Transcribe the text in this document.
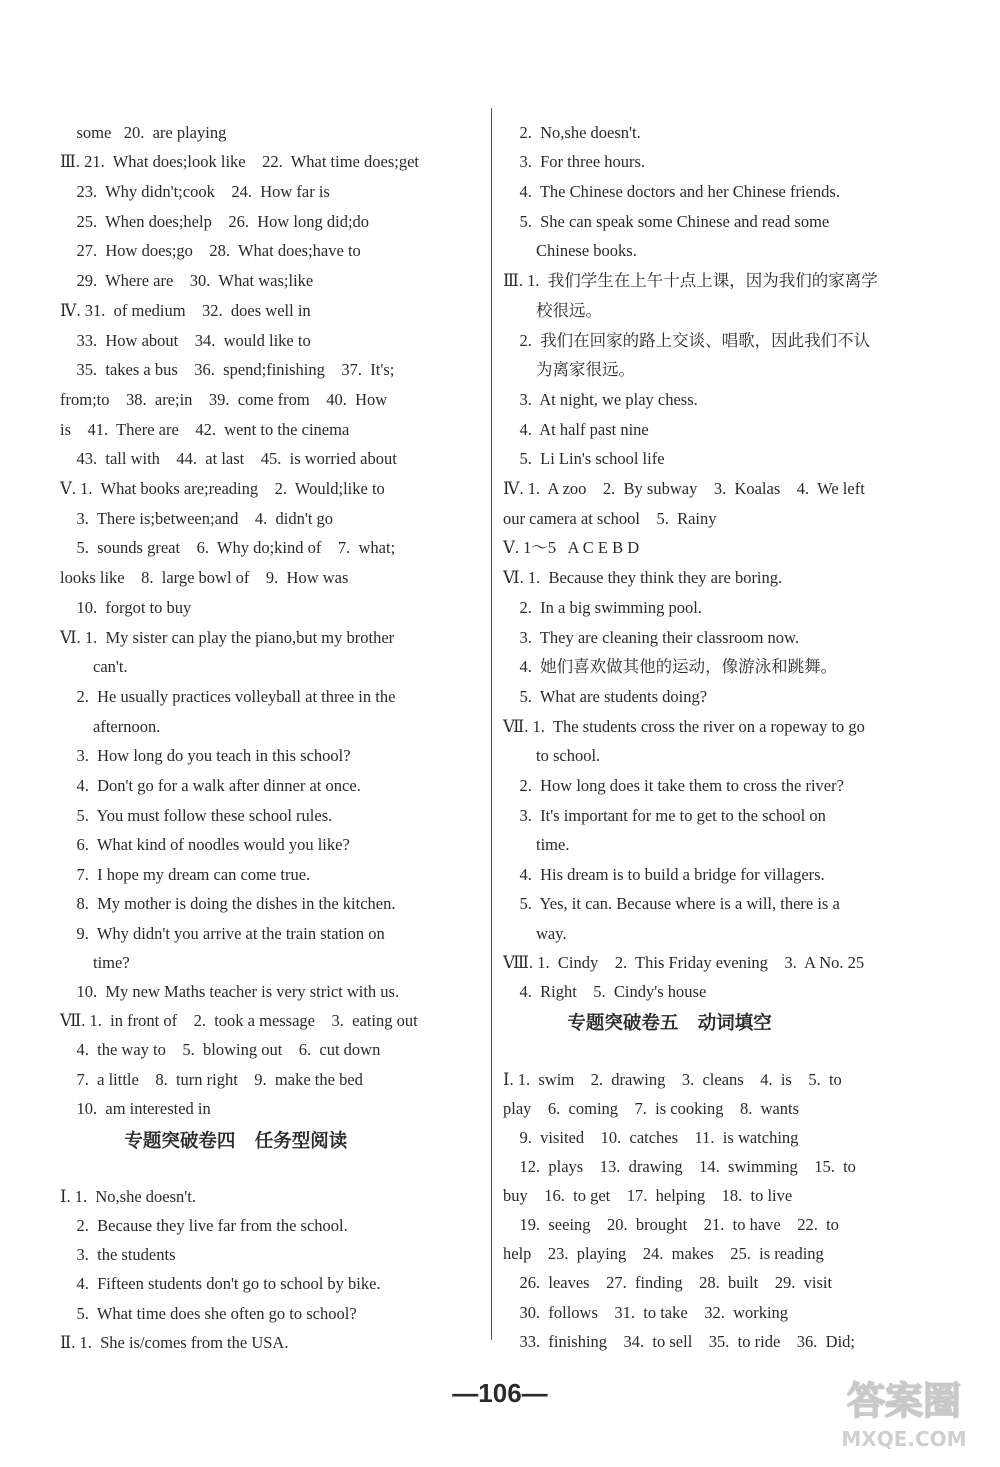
some   20.  are playing
Ⅲ. 21.  What does;look like    22.  What time does;get
23.  Why didn't;cook    24.  How far is
25.  When does;help    26.  How long did;do
27.  How does;go    28.  What does;have to
29.  Where are    30.  What was;like
Ⅳ. 31.  of medium    32.  does well in
33.  How about    34.  would like to
35.  takes a bus    36.  spend;finishing    37.  It's;
from;to    38.  are;in    39.  come from    40.  How
is    41.  There are    42.  went to the cinema
43.  tall with    44.  at last    45.  is worried about
Ⅴ. 1.  What books are;reading    2.  Would;like to
3.  There is;between;and    4.  didn't go
5.  sounds great    6.  Why do;kind of    7.  what;
looks like    8.  large bowl of    9.  How was
10.  forgot to buy
Ⅵ. 1.  My sister can play the piano,but my brother
can't.
2.  He usually practices volleyball at three in the
afternoon.
3.  How long do you teach in this school?
4.  Don't go for a walk after dinner at once.
5.  You must follow these school rules.
6.  What kind of noodles would you like?
7.  I hope my dream can come true.
8.  My mother is doing the dishes in the kitchen.
9.  Why didn't you arrive at the train station on
time?
10.  My new Maths teacher is very strict with us.
Ⅶ. 1.  in front of    2.  took a message    3.  eating out
4.  the way to    5.  blowing out    6.  cut down
7.  a little    8.  turn right    9.  make the bed
10.  am interested in
专题突破卷四   任务型阅读
Ⅰ. 1.  No,she doesn't.
2.  Because they live far from the school.
3.  the students
4.  Fifteen students don't go to school by bike.
5.  What time does she often go to school?
Ⅱ. 1.  She is/comes from the USA.
2.  No,she doesn't.
3.  For three hours.
4.  The Chinese doctors and her Chinese friends.
5.  She can speak some Chinese and read some
Chinese books.
Ⅲ. 1.  我们学生在上午十点上课，因为我们的家离学
校很远。
2.  我们在回家的路上交谈、唱歌，因此我们不认
为离家很远。
3.  At night, we play chess.
4.  At half past nine
5.  Li Lin's school life
Ⅳ. 1.  A zoo    2.  By subway    3.  Koalas    4.  We left
our camera at school    5.  Rainy
Ⅴ. 1～5   A C E B D
Ⅵ. 1.  Because they think they are boring.
2.  In a big swimming pool.
3.  They are cleaning their classroom now.
4.  她们喜欢做其他的运动，像游泳和跳舞。
5.  What are students doing?
Ⅶ. 1.  The students cross the river on a ropeway to go
to school.
2.  How long does it take them to cross the river?
3.  It's important for me to get to the school on
time.
4.  His dream is to build a bridge for villagers.
5.  Yes, it can. Because where is a will, there is a
way.
Ⅷ. 1.  Cindy    2.  This Friday evening    3.  A No. 25
4.  Right    5.  Cindy's house
专题突破卷五   动词填空
Ⅰ. 1.  swim    2.  drawing    3.  cleans    4.  is    5.  to
play    6.  coming    7.  is cooking    8.  wants
9.  visited    10.  catches    11.  is watching
12.  plays    13.  drawing    14.  swimming    15.  to
buy    16.  to get    17.  helping    18.  to live
19.  seeing    20.  brought    21.  to have    22.  to
help    23.  playing    24.  makes    25.  is reading
26.  leaves    27.  finding    28.  built    29.  visit
30.  follows    31.  to take    32.  working
33.  finishing    34.  to sell    35.  to ride    36.  Did;
—106—	答案圈
MXQE.COM
